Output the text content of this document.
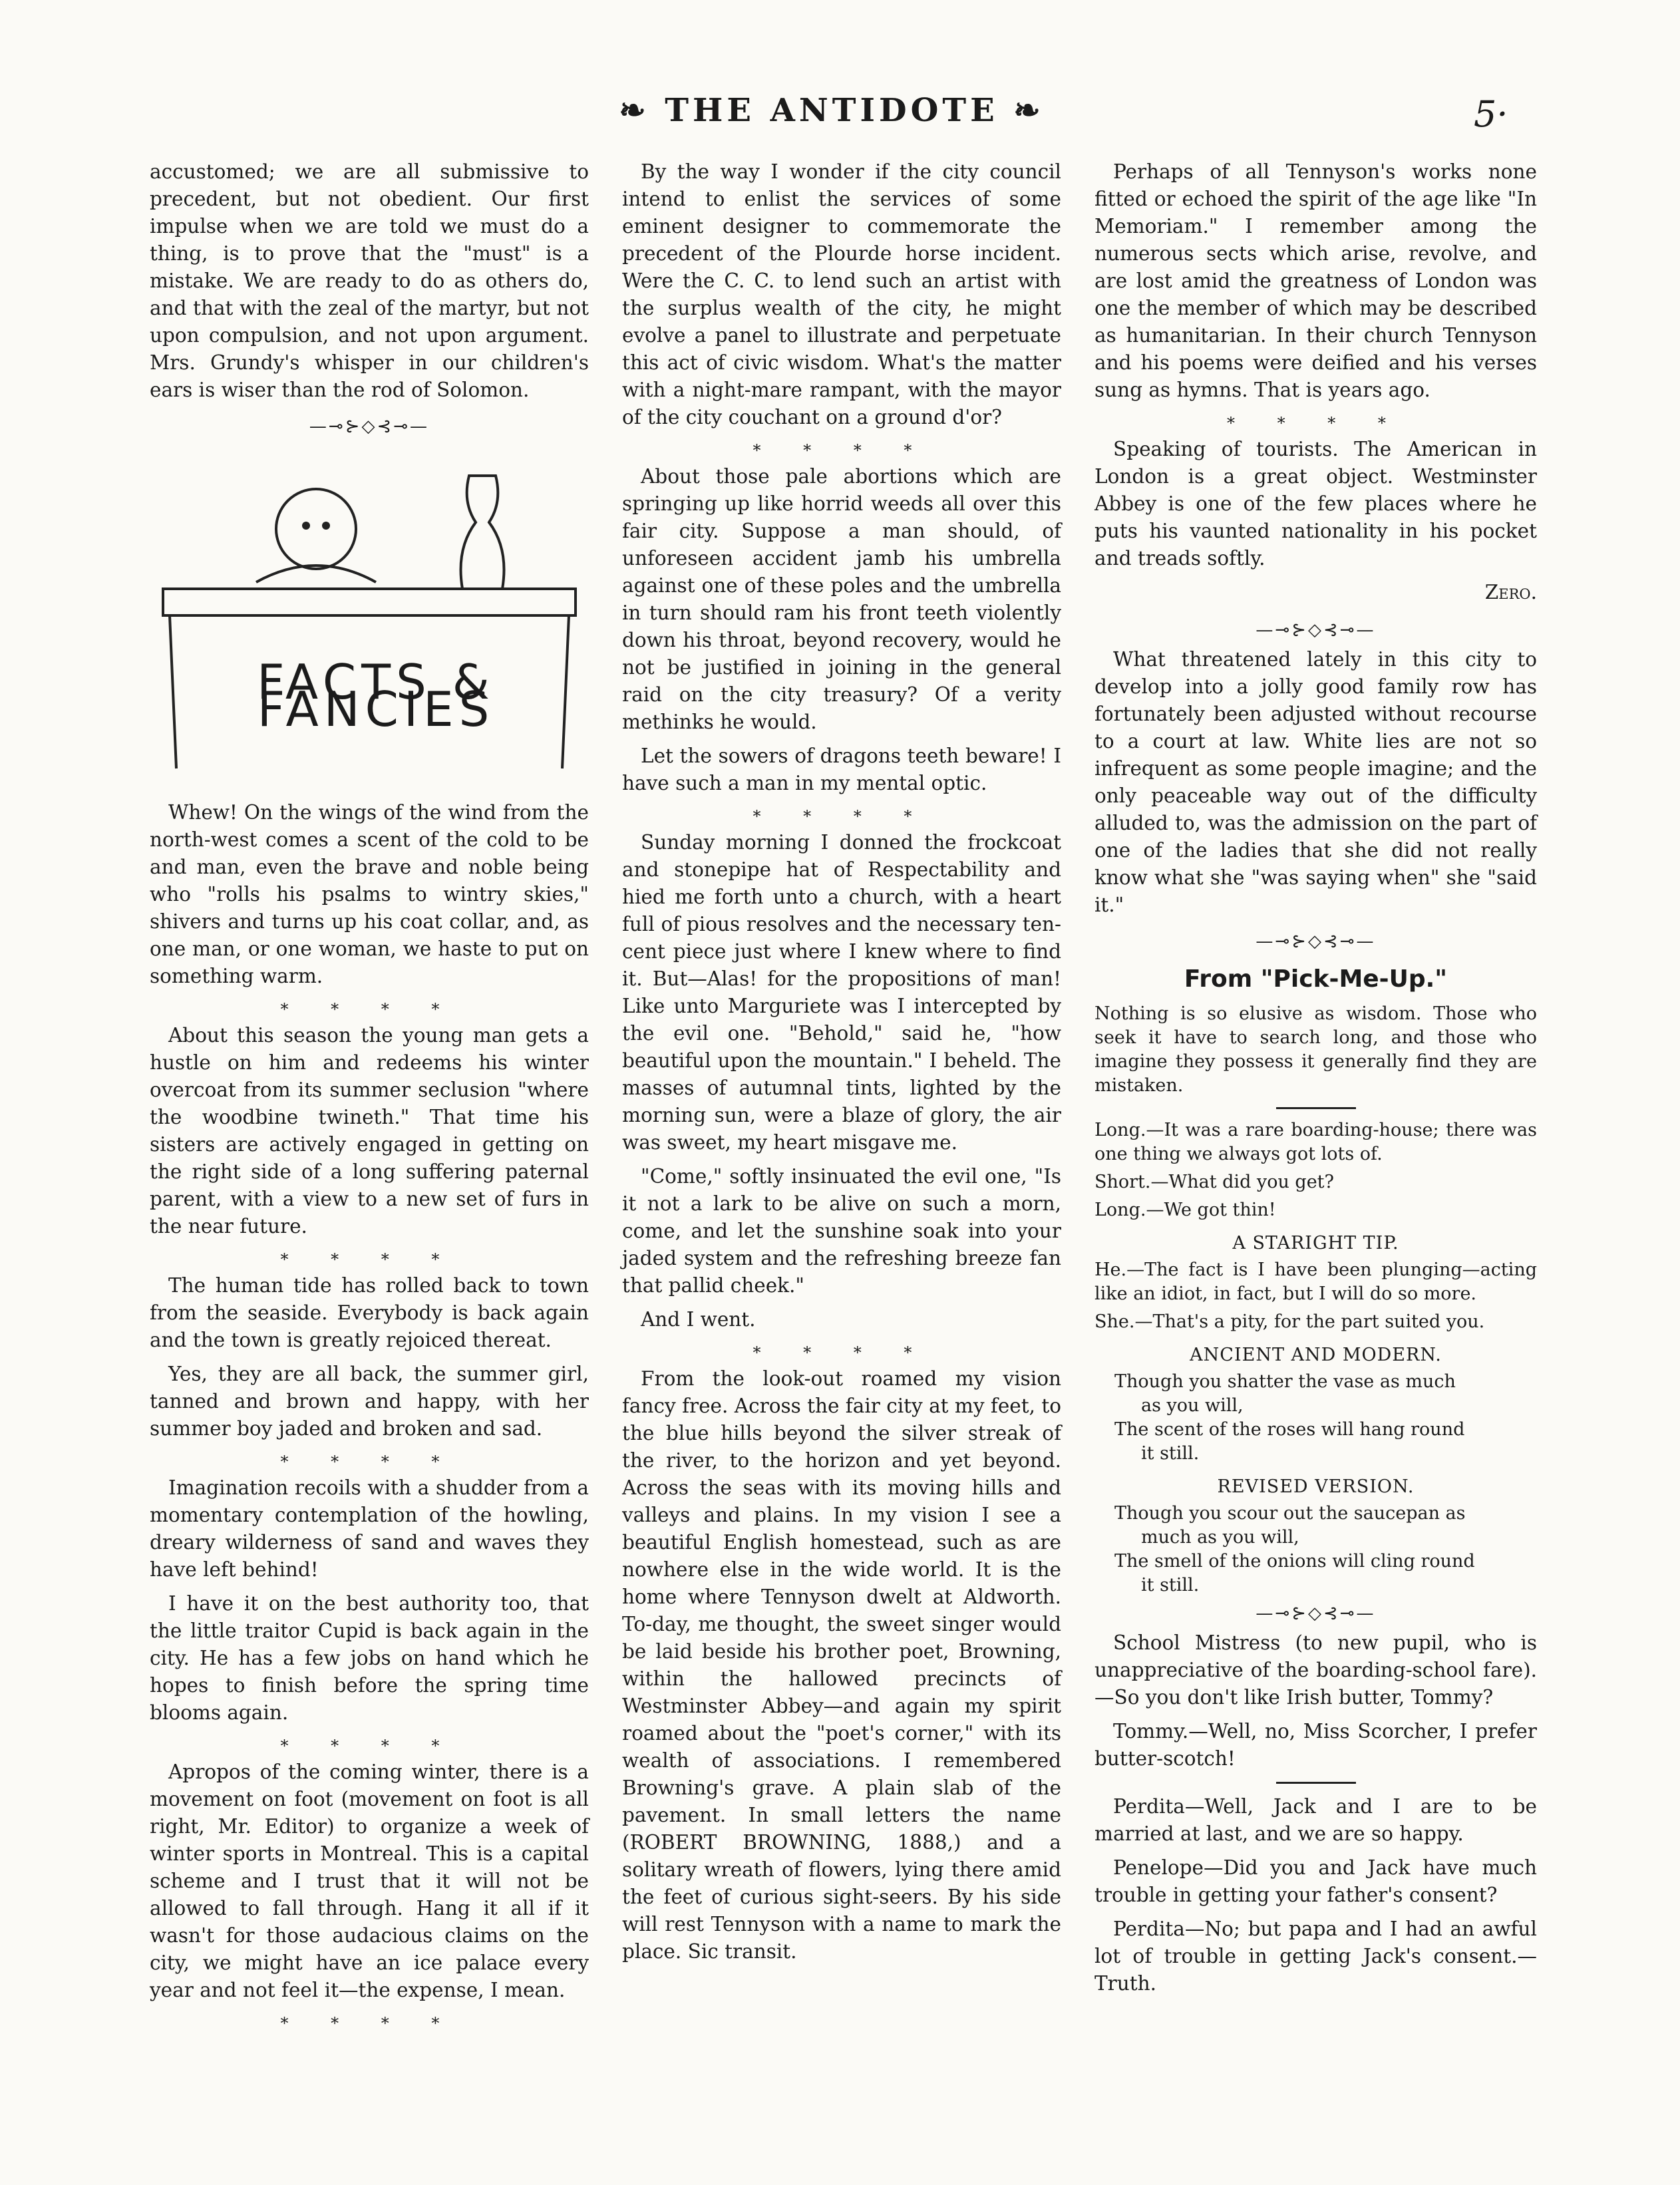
❧ THE ANTIDOTE ❧	5·

accustomed; we are all submissive to precedent, but not obedient. Our first impulse when we are told we must do a thing, is to prove that the "must" is a mistake. We are ready to do as others do, and that with the zeal of the martyr, but not upon compulsion, and not upon argument. Mrs. Grundy's whisper in our children's ears is wiser than the rod of Solomon.

—⊸⊱◇⊰⊸—
FACTS & FANCIES

Whew! On the wings of the wind from the north-west comes a scent of the cold to be and man, even the brave and noble being who "rolls his psalms to wintry skies," shivers and turns up his coat collar, and, as one man, or one woman, we haste to put on something warm.

* * * *

About this season the young man gets a hustle on him and redeems his winter overcoat from its summer seclusion "where the woodbine twineth." That time his sisters are actively engaged in getting on the right side of a long suffering paternal parent, with a view to a new set of furs in the near future.

* * * *

The human tide has rolled back to town from the seaside. Everybody is back again and the town is greatly rejoiced thereat.

Yes, they are all back, the summer girl, tanned and brown and happy, with her summer boy jaded and broken and sad.

* * * *

Imagination recoils with a shudder from a momentary contemplation of the howling, dreary wilderness of sand and waves they have left behind!

I have it on the best authority too, that the little traitor Cupid is back again in the city. He has a few jobs on hand which he hopes to finish before the spring time blooms again.

* * * *

Apropos of the coming winter, there is a movement on foot (movement on foot is all right, Mr. Editor) to organize a week of winter sports in Montreal. This is a capital scheme and I trust that it will not be allowed to fall through. Hang it all if it wasn't for those audacious claims on the city, we might have an ice palace every year and not feel it—the expense, I mean.

* * * *

By the way I wonder if the city council intend to enlist the services of some eminent designer to commemorate the precedent of the Plourde horse incident. Were the C. C. to lend such an artist with the surplus wealth of the city, he might evolve a panel to illustrate and perpetuate this act of civic wisdom. What's the matter with a night-mare rampant, with the mayor of the city couchant on a ground d'or?

* * * *

About those pale abortions which are springing up like horrid weeds all over this fair city. Suppose a man should, of unforeseen accident jamb his umbrella against one of these poles and the umbrella in turn should ram his front teeth violently down his throat, beyond recovery, would he not be justified in joining in the general raid on the city treasury? Of a verity methinks he would.

Let the sowers of dragons teeth beware! I have such a man in my mental optic.

* * * *

Sunday morning I donned the frockcoat and stonepipe hat of Respectability and hied me forth unto a church, with a heart full of pious resolves and the necessary ten-cent piece just where I knew where to find it. But—Alas! for the propositions of man! Like unto Marguriete was I intercepted by the evil one. "Behold," said he, "how beautiful upon the mountain." I beheld. The masses of autumnal tints, lighted by the morning sun, were a blaze of glory, the air was sweet, my heart misgave me.

"Come," softly insinuated the evil one, "Is it not a lark to be alive on such a morn, come, and let the sunshine soak into your jaded system and the refreshing breeze fan that pallid cheek."

And I went.

* * * *

From the look-out roamed my vision fancy free. Across the fair city at my feet, to the blue hills beyond the silver streak of the river, to the horizon and yet beyond. Across the seas with its moving hills and valleys and plains. In my vision I see a beautiful English homestead, such as are nowhere else in the wide world. It is the home where Tennyson dwelt at Aldworth. To-day, me thought, the sweet singer would be laid beside his brother poet, Browning, within the hallowed precincts of Westminster Abbey—and again my spirit roamed about the "poet's corner," with its wealth of associations. I remembered Browning's grave. A plain slab of the pavement. In small letters the name (ROBERT BROWNING, 1888,) and a solitary wreath of flowers, lying there amid the feet of curious sight-seers. By his side will rest Tennyson with a name to mark the place. Sic transit.

Perhaps of all Tennyson's works none fitted or echoed the spirit of the age like "In Memoriam." I remember among the numerous sects which arise, revolve, and are lost amid the greatness of London was one the member of which may be described as humanitarian. In their church Tennyson and his poems were deified and his verses sung as hymns. That is years ago.

* * * *

Speaking of tourists. The American in London is a great object. Westminster Abbey is one of the few places where he puts his vaunted nationality in his pocket and treads softly.

Zero.
—⊸⊱◇⊰⊸—

What threatened lately in this city to develop into a jolly good family row has fortunately been adjusted without recourse to a court at law. White lies are not so infrequent as some people imagine; and the only peaceable way out of the difficulty alluded to, was the admission on the part of one of the ladies that she did not really know what she "was saying when" she "said it."

—⊸⊱◇⊰⊸—
From "Pick-Me-Up."

Nothing is so elusive as wisdom. Those who seek it have to search long, and those who imagine they possess it generally find they are mistaken.

Long.—It was a rare boarding-house; there was one thing we always got lots of.

Short.—What did you get?

Long.—We got thin!

A STARIGHT TIP.

He.—The fact is I have been plunging—acting like an idiot, in fact, but I will do so more.

She.—That's a pity, for the part suited you.

ANCIENT AND MODERN.
Though you shatter the vase as much
as you will,
The scent of the roses will hang round
it still.
REVISED VERSION.
Though you scour out the saucepan as
much as you will,
The smell of the onions will cling round
it still.
—⊸⊱◇⊰⊸—

School Mistress (to new pupil, who is unappreciative of the boarding-school fare).—So you don't like Irish butter, Tommy?

Tommy.—Well, no, Miss Scorcher, I prefer butter-scotch!

Perdita—Well, Jack and I are to be married at last, and we are so happy.

Penelope—Did you and Jack have much trouble in getting your father's consent?

Perdita—No; but papa and I had an awful lot of trouble in getting Jack's consent.—Truth.
